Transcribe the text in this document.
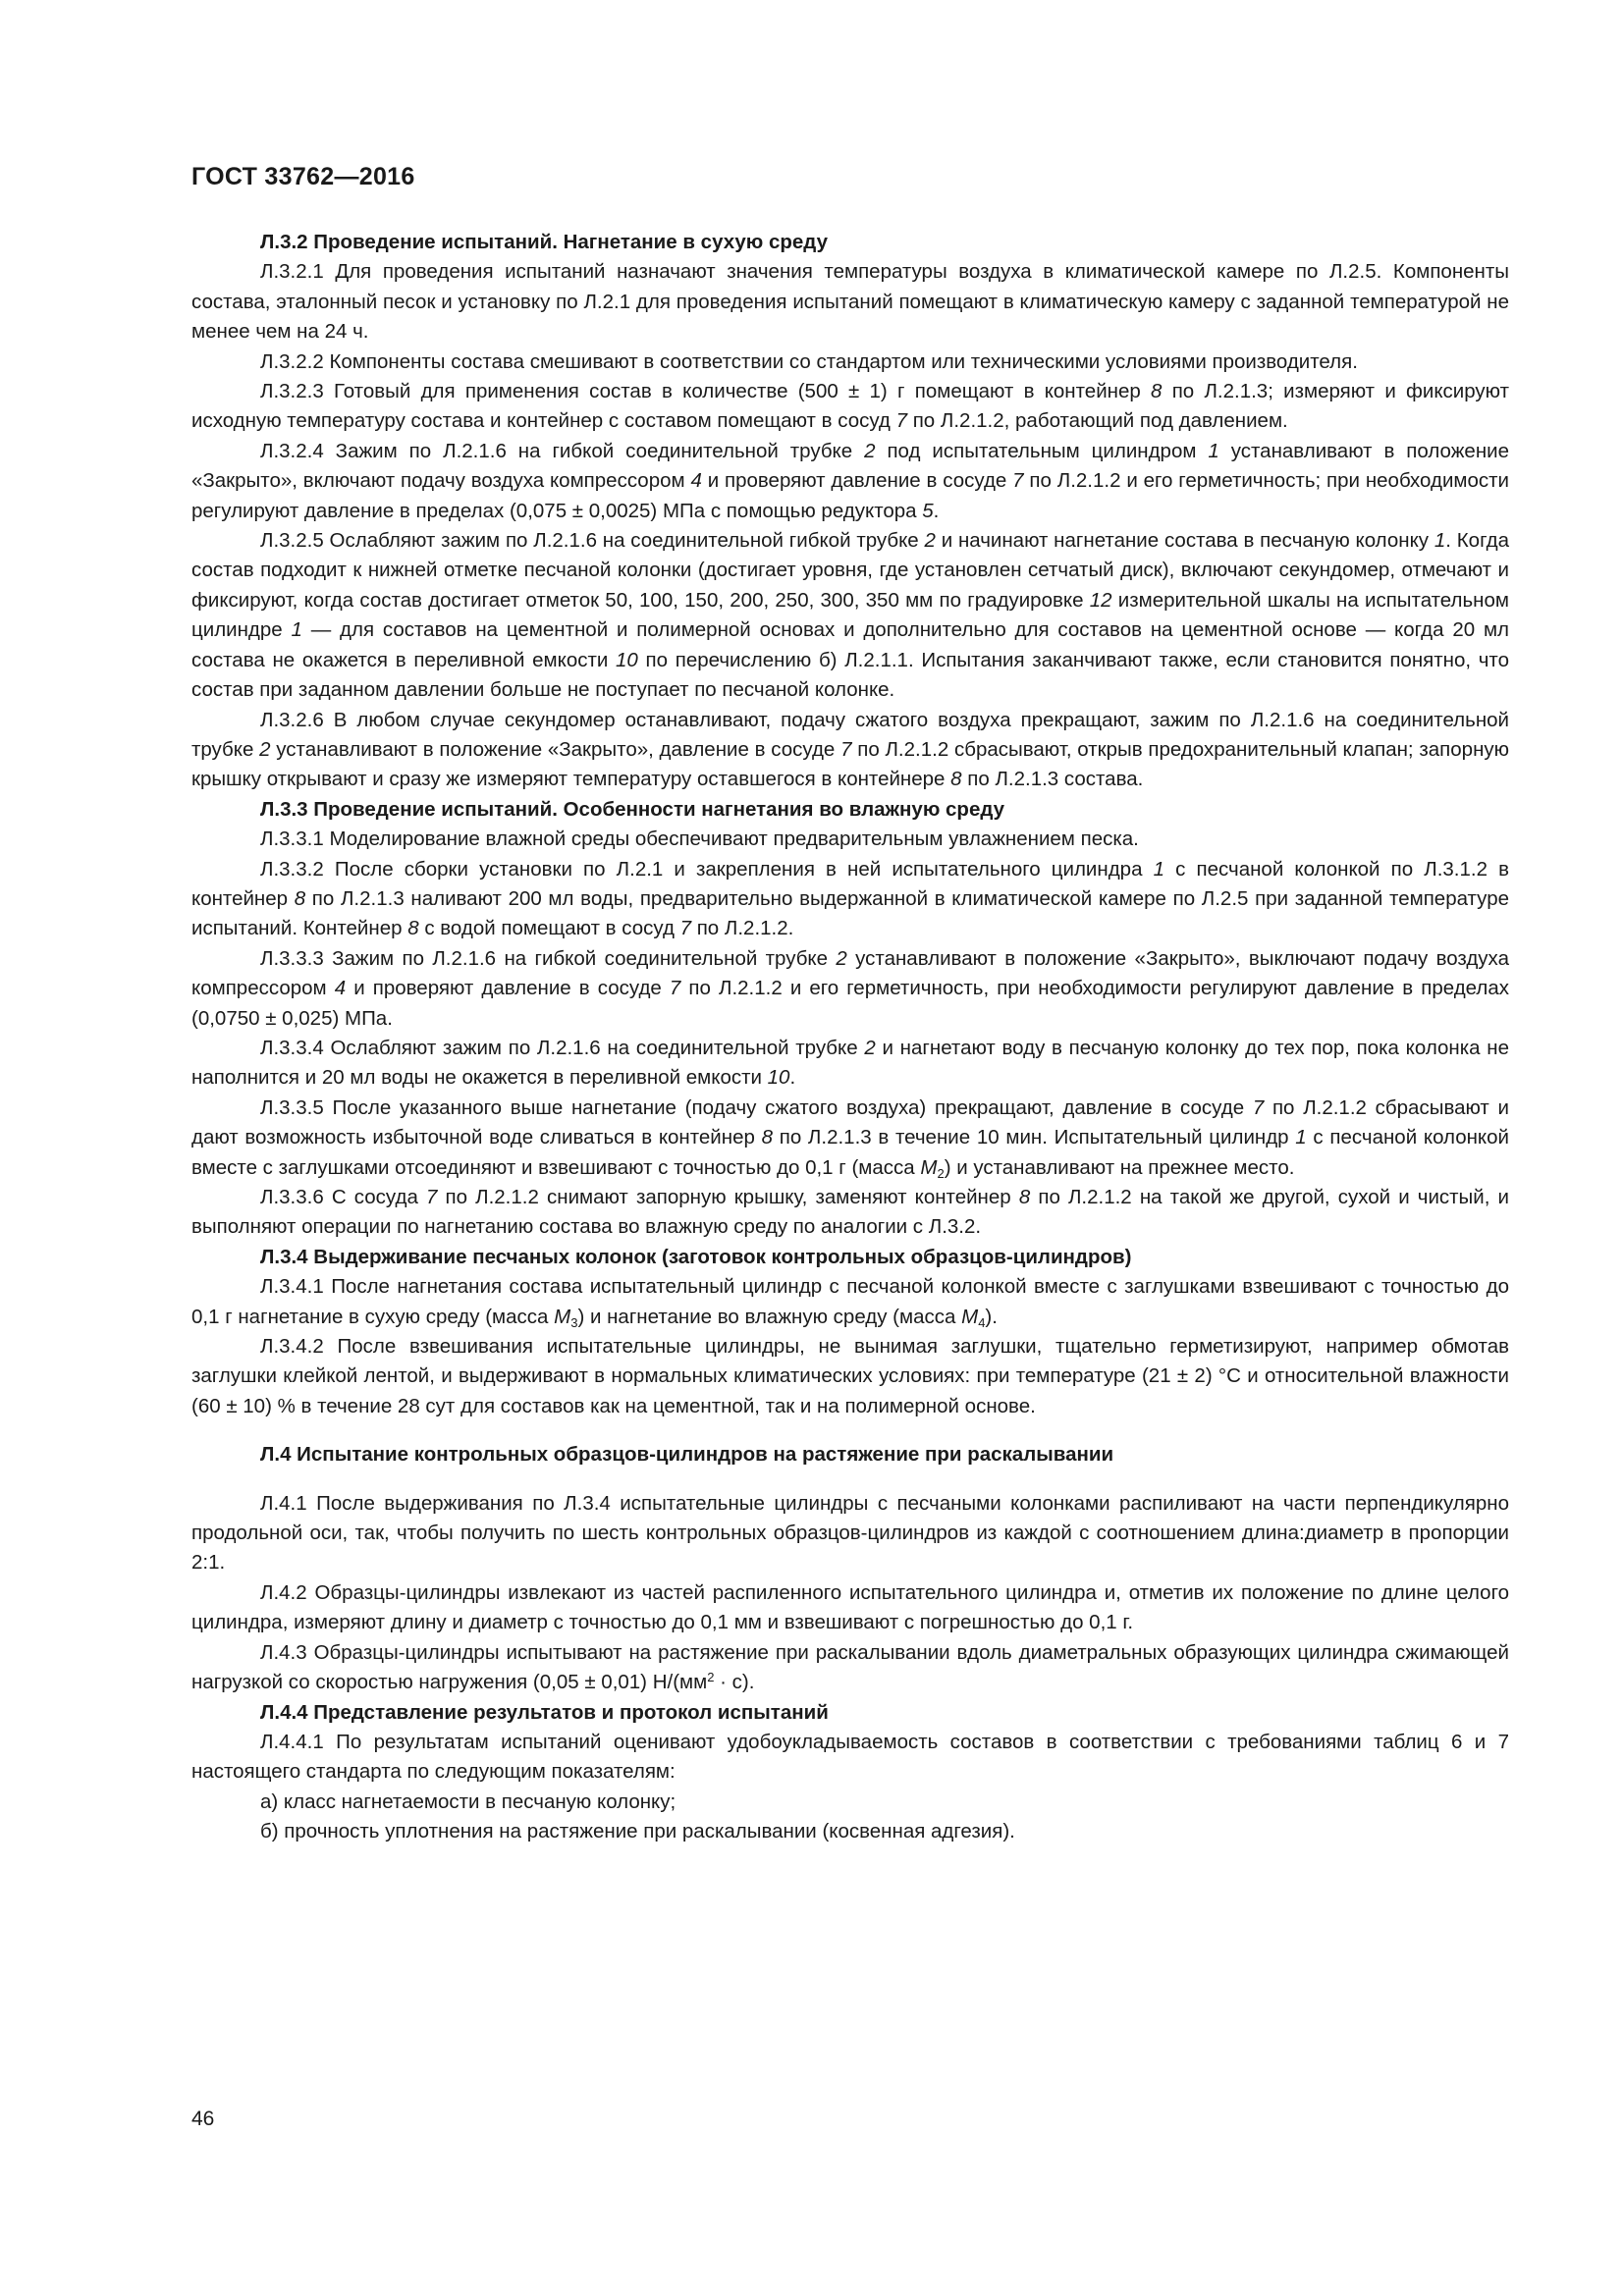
ГОСТ 33762—2016

Л.3.2 Проведение испытаний. Нагнетание в сухую среду

Л.3.2.1 Для проведения испытаний назначают значения температуры воздуха в климатической камере по Л.2.5. Компоненты состава, эталонный песок и установку по Л.2.1 для проведения испытаний помещают в климатическую камеру с заданной температурой не менее чем на 24 ч.

Л.3.2.2 Компоненты состава смешивают в соответствии со стандартом или техническими условиями производителя.

Л.3.2.3 Готовый для применения состав в количестве (500 ± 1) г помещают в контейнер 8 по Л.2.1.3; измеряют и фиксируют исходную температуру состава и контейнер с составом помещают в сосуд 7 по Л.2.1.2, работающий под давлением.

Л.3.2.4 Зажим по Л.2.1.6 на гибкой соединительной трубке 2 под испытательным цилиндром 1 устанавливают в положение «Закрыто», включают подачу воздуха компрессором 4 и проверяют давление в сосуде 7 по Л.2.1.2 и его герметичность; при необходимости регулируют давление в пределах (0,075 ± 0,0025) МПа с помощью редуктора 5.

Л.3.2.5 Ослабляют зажим по Л.2.1.6 на соединительной гибкой трубке 2 и начинают нагнетание состава в песчаную колонку 1. Когда состав подходит к нижней отметке песчаной колонки (достигает уровня, где установлен сетчатый диск), включают секундомер, отмечают и фиксируют, когда состав достигает отметок 50, 100, 150, 200, 250, 300, 350 мм по градуировке 12 измерительной шкалы на испытательном цилиндре 1 — для составов на цементной и полимерной основах и дополнительно для составов на цементной основе — когда 20 мл состава не окажется в переливной емкости 10 по перечислению б) Л.2.1.1. Испытания заканчивают также, если становится понятно, что состав при заданном давлении больше не поступает по песчаной колонке.

Л.3.2.6 В любом случае секундомер останавливают, подачу сжатого воздуха прекращают, зажим по Л.2.1.6 на соединительной трубке 2 устанавливают в положение «Закрыто», давление в сосуде 7 по Л.2.1.2 сбрасывают, открыв предохранительный клапан; запорную крышку открывают и сразу же измеряют температуру оставшегося в контейнере 8 по Л.2.1.3 состава.

Л.3.3 Проведение испытаний. Особенности нагнетания во влажную среду

Л.3.3.1 Моделирование влажной среды обеспечивают предварительным увлажнением песка.

Л.3.3.2 После сборки установки по Л.2.1 и закрепления в ней испытательного цилиндра 1 с песчаной колонкой по Л.3.1.2 в контейнер 8 по Л.2.1.3 наливают 200 мл воды, предварительно выдержанной в климатической камере по Л.2.5 при заданной температуре испытаний. Контейнер 8 с водой помещают в сосуд 7 по Л.2.1.2.

Л.3.3.3 Зажим по Л.2.1.6 на гибкой соединительной трубке 2 устанавливают в положение «Закрыто», выключают подачу воздуха компрессором 4 и проверяют давление в сосуде 7 по Л.2.1.2 и его герметичность, при необходимости регулируют давление в пределах (0,0750 ± 0,025) МПа.

Л.3.3.4 Ослабляют зажим по Л.2.1.6 на соединительной трубке 2 и нагнетают воду в песчаную колонку до тех пор, пока колонка не наполнится и 20 мл воды не окажется в переливной емкости 10.

Л.3.3.5 После указанного выше нагнетание (подачу сжатого воздуха) прекращают, давление в сосуде 7 по Л.2.1.2 сбрасывают и дают возможность избыточной воде сливаться в контейнер 8 по Л.2.1.3 в течение 10 мин. Испытательный цилиндр 1 с песчаной колонкой вместе с заглушками отсоединяют и взвешивают с точностью до 0,1 г (масса $M_2$) и устанавливают на прежнее место.

Л.3.3.6 С сосуда 7 по Л.2.1.2 снимают запорную крышку, заменяют контейнер 8 по Л.2.1.2 на такой же другой, сухой и чистый, и выполняют операции по нагнетанию состава во влажную среду по аналогии с Л.3.2.

Л.3.4 Выдерживание песчаных колонок (заготовок контрольных образцов-цилиндров)

Л.3.4.1 После нагнетания состава испытательный цилиндр с песчаной колонкой вместе с заглушками взвешивают с точностью до 0,1 г нагнетание в сухую среду (масса $M_3$) и нагнетание во влажную среду (масса $M_4$).

Л.3.4.2 После взвешивания испытательные цилиндры, не вынимая заглушки, тщательно герметизируют, например обмотав заглушки клейкой лентой, и выдерживают в нормальных климатических условиях: при температуре (21 ± 2) °С и относительной влажности (60 ± 10) % в течение 28 сут для составов как на цементной, так и на полимерной основе.

Л.4 Испытание контрольных образцов-цилиндров на растяжение при раскалывании

Л.4.1 После выдерживания по Л.3.4 испытательные цилиндры с песчаными колонками распиливают на части перпендикулярно продольной оси, так, чтобы получить по шесть контрольных образцов-цилиндров из каждой с соотношением длина:диаметр в пропорции 2:1.

Л.4.2 Образцы-цилиндры извлекают из частей распиленного испытательного цилиндра и, отметив их положение по длине целого цилиндра, измеряют длину и диаметр с точностью до 0,1 мм и взвешивают с погрешностью до 0,1 г.

Л.4.3 Образцы-цилиндры испытывают на растяжение при раскалывании вдоль диаметральных образующих цилиндра сжимающей нагрузкой со скоростью нагружения (0,05 ± 0,01) $Н/(мм^2 \cdot с)$.

Л.4.4 Представление результатов и протокол испытаний

Л.4.4.1 По результатам испытаний оценивают удобоукладываемость составов в соответствии с требованиями таблиц 6 и 7 настоящего стандарта по следующим показателям:

а) класс нагнетаемости в песчаную колонку;

б) прочность уплотнения на растяжение при раскалывании (косвенная адгезия).

46
